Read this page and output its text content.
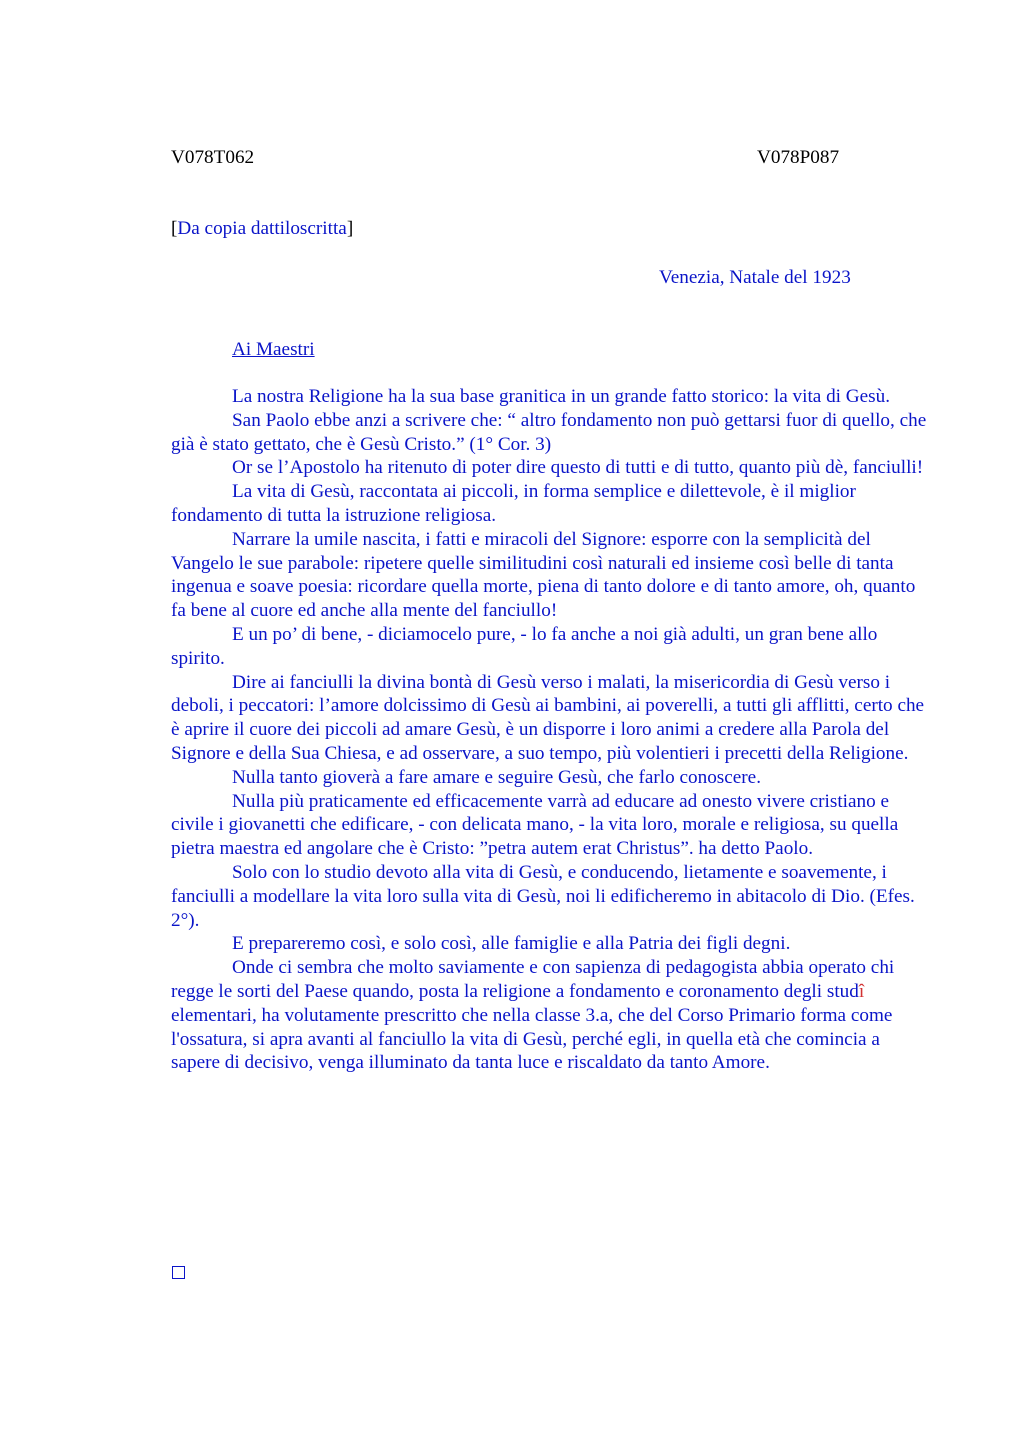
V078T062	V078P087

[Da copia dattiloscritta]

Venezia, Natale del 1923

Ai Maestri

La nostra Religione ha la sua base granitica in un grande fatto storico: la vita di Gesù.

San Paolo ebbe anzi a scrivere che: “ altro fondamento non può gettarsi fuor di quello, che già è stato gettato, che è Gesù Cristo.” (1° Cor. 3)

Or se l’Apostolo ha ritenuto di poter dire questo di tutti e di tutto, quanto più dè, fanciulli!

La vita di Gesù, raccontata ai piccoli, in forma semplice e dilettevole, è il miglior fondamento di tutta la istruzione religiosa.

Narrare la umile nascita, i fatti e miracoli del Signore: esporre con la semplicità del Vangelo le sue parabole: ripetere quelle similitudini così naturali ed insieme così belle di tanta ingenua e soave poesia: ricordare quella morte, piena di tanto dolore e di tanto amore, oh, quanto fa bene al cuore ed anche alla mente del fanciullo!

E un po’ di bene, - diciamocelo pure, - lo fa anche a noi già adulti, un gran bene allo spirito.

Dire ai fanciulli la divina bontà di Gesù verso i malati, la misericordia di Gesù verso i deboli, i peccatori: l’amore dolcissimo di Gesù ai bambini, ai poverelli, a tutti gli afflitti, certo che è aprire il cuore dei piccoli ad amare Gesù, è un disporre i loro animi a credere alla Parola del Signore e della Sua Chiesa, e ad osservare, a suo tempo, più volentieri i precetti della Religione.

Nulla tanto gioverà a fare amare e seguire Gesù, che farlo conoscere.

Nulla più praticamente ed efficacemente varrà ad educare ad onesto vivere cristiano e civile i giovanetti che edificare, - con delicata mano, - la vita loro, morale e religiosa, su quella pietra maestra ed angolare che è Cristo: ”petra autem erat Christus”. ha detto Paolo.

Solo con lo studio devoto alla vita di Gesù, e conducendo, lietamente e soavemente, i fanciulli a modellare la vita loro sulla vita di Gesù, noi li edificheremo in abitacolo di Dio. (Efes. 2°).

E prepareremo così, e solo così, alle famiglie e alla Patria dei figli degni.

Onde ci sembra che molto saviamente e con sapienza di pedagogista abbia operato chi regge le sorti del Paese quando, posta la religione a fondamento e coronamento degli studî elementari, ha volutamente prescritto che nella classe 3.a, che del Corso Primario forma come l'ossatura, si apra avanti al fanciullo la vita di Gesù, perché egli, in quella età che comincia a sapere di decisivo, venga illuminato da tanta luce e riscaldato da tanto Amore.
